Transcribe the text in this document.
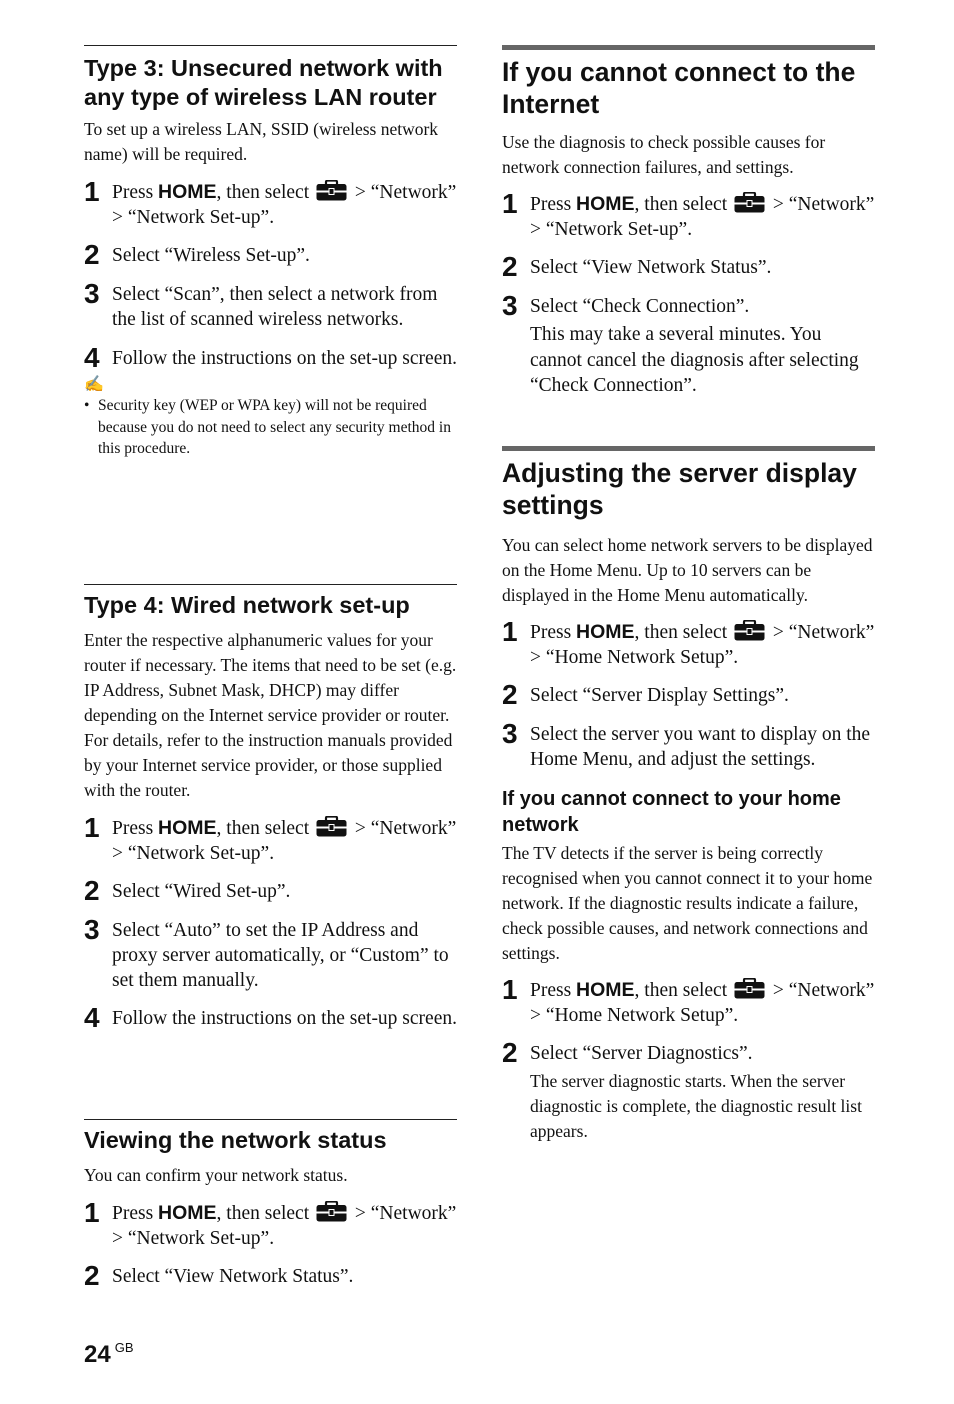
Type 3: Unsecured network with any type of wireless LAN router

To set up a wireless LAN, SSID (wireless network name) will be required.

1 Press HOME, then select
> “Network” > “Network Set-up”.
2 Select “Wireless Set-up”.
3 Select “Scan”, then select a network from the list of scanned wireless networks.
4 Follow the instructions on the set-up screen.
✍
• Security key (WEP or WPA key) will not be required because you do not need to select any security method in this procedure.
Type 4: Wired network set-up

Enter the respective alphanumeric values for your router if necessary. The items that need to be set (e.g. IP Address, Subnet Mask, DHCP) may differ depending on the Internet service provider or router. For details, refer to the instruction manuals provided by your Internet service provider, or those supplied with the router.

1 Press HOME, then select
> “Network” > “Network Set-up”.
2 Select “Wired Set-up”.
3 Select “Auto” to set the IP Address and proxy server automatically, or “Custom” to set them manually.
4 Follow the instructions on the set-up screen.
Viewing the network status

You can confirm your network status.

1 Press HOME, then select
> “Network” > “Network Set-up”.
2 Select “View Network Status”.
If you cannot connect to the Internet

Use the diagnosis to check possible causes for network connection failures, and settings.

1 Press HOME, then select
> “Network” > “Network Set-up”.
2 Select “View Network Status”.
3 Select “Check Connection”.
This may take a several minutes. You cannot cancel the diagnosis after selecting “Check Connection”.
Adjusting the server display settings

You can select home network servers to be displayed on the Home Menu. Up to 10 servers can be displayed in the Home Menu automatically.

1 Press HOME, then select
> “Network” > “Home Network Setup”.
2 Select “Server Display Settings”.
3 Select the server you want to display on the Home Menu, and adjust the settings.
If you cannot connect to your home network

The TV detects if the server is being correctly recognised when you cannot connect it to your home network. If the diagnostic results indicate a failure, check possible causes, and network connections and settings.

1 Press HOME, then select
> “Network” > “Home Network Setup”.
2 Select “Server Diagnostics”.
The server diagnostic starts. When the server diagnostic is complete, the diagnostic result list appears.
24 $^{GB}$
